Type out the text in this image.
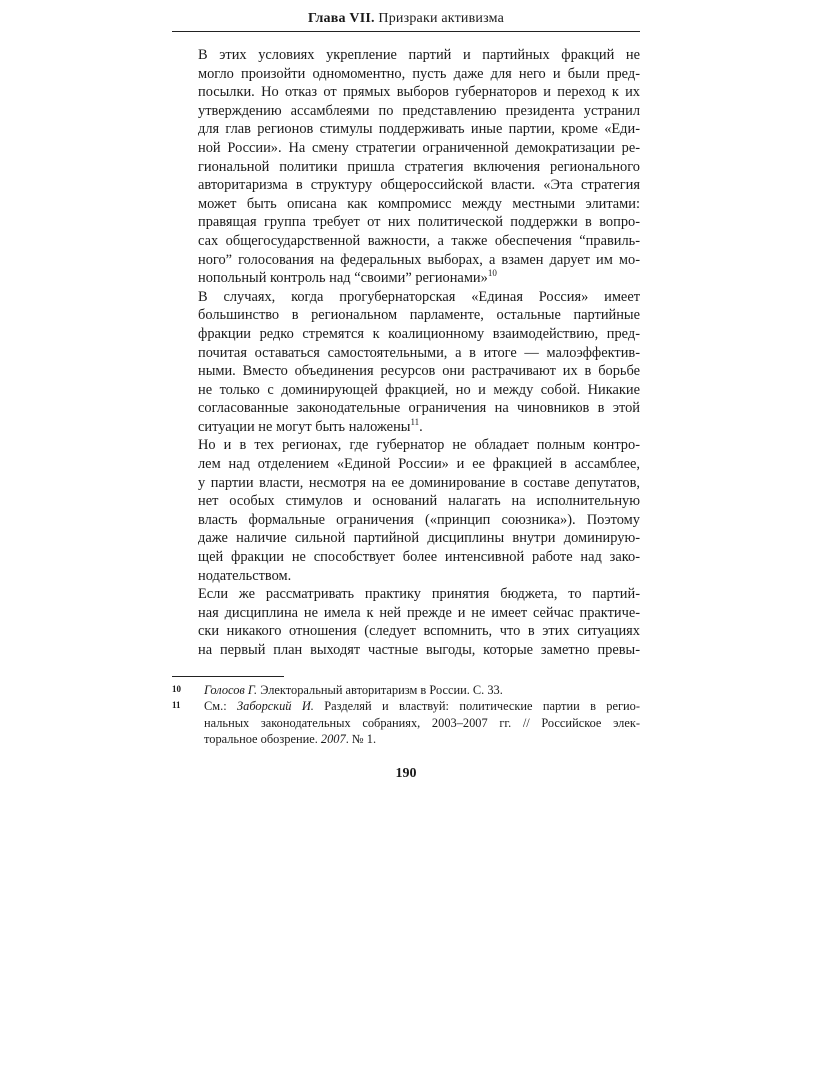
Глава VII. Призраки активизма

В этих условиях укрепление партий и партийных фракций не
могло произойти одномоментно, пусть даже для него и были пред-
посылки. Но отказ от прямых выборов губернаторов и переход к их
утверждению ассамблеями по представлению президента устранил
для глав регионов стимулы поддерживать иные партии, кроме «Еди-
ной России». На смену стратегии ограниченной демократизации ре-
гиональной политики пришла стратегия включения регионального
авторитаризма в структуру общероссийской власти. «Эта стратегия
может быть описана как компромисс между местными элитами:
правящая группа требует от них политической поддержки в вопро-
сах общегосударственной важности, а также обеспечения “правиль-
ного” голосования на федеральных выборах, а взамен дарует им мо-
нопольный контроль над “своими” регионами»$^{10}$

В случаях, когда прогубернаторская «Единая Россия» имеет
большинство в региональном парламенте, остальные партийные
фракции редко стремятся к коалиционному взаимодействию, пред-
почитая оставаться самостоятельными, а в итоге — малоэффектив-
ными. Вместо объединения ресурсов они растрачивают их в борьбе
не только с доминирующей фракцией, но и между собой. Никакие
согласованные законодательные ограничения на чиновников в этой
ситуации не могут быть наложены$^{11}$.

Но и в тех регионах, где губернатор не обладает полным контро-
лем над отделением «Единой России» и ее фракцией в ассамблее,
у партии власти, несмотря на ее доминирование в составе депутатов,
нет особых стимулов и оснований налагать на исполнительную
власть формальные ограничения («принцип союзника»). Поэтому
даже наличие сильной партийной дисциплины внутри доминирую-
щей фракции не способствует более интенсивной работе над зако-
нодательством.

Если же рассматривать практику принятия бюджета, то партий-
ная дисциплина не имела к ней прежде и не имеет сейчас практиче-
ски никакого отношения (следует вспомнить, что в этих ситуациях
на первый план выходят частные выгоды, которые заметно превы-

10 Голосов Г. Электоральный авторитаризм в России. С. 33.
11 См.: Заборский И. Разделяй и властвуй: политические партии в регио-
нальных законодательных собраниях, 2003–2007 гг. // Российское элек-
торальное обозрение. 2007. № 1.
190
